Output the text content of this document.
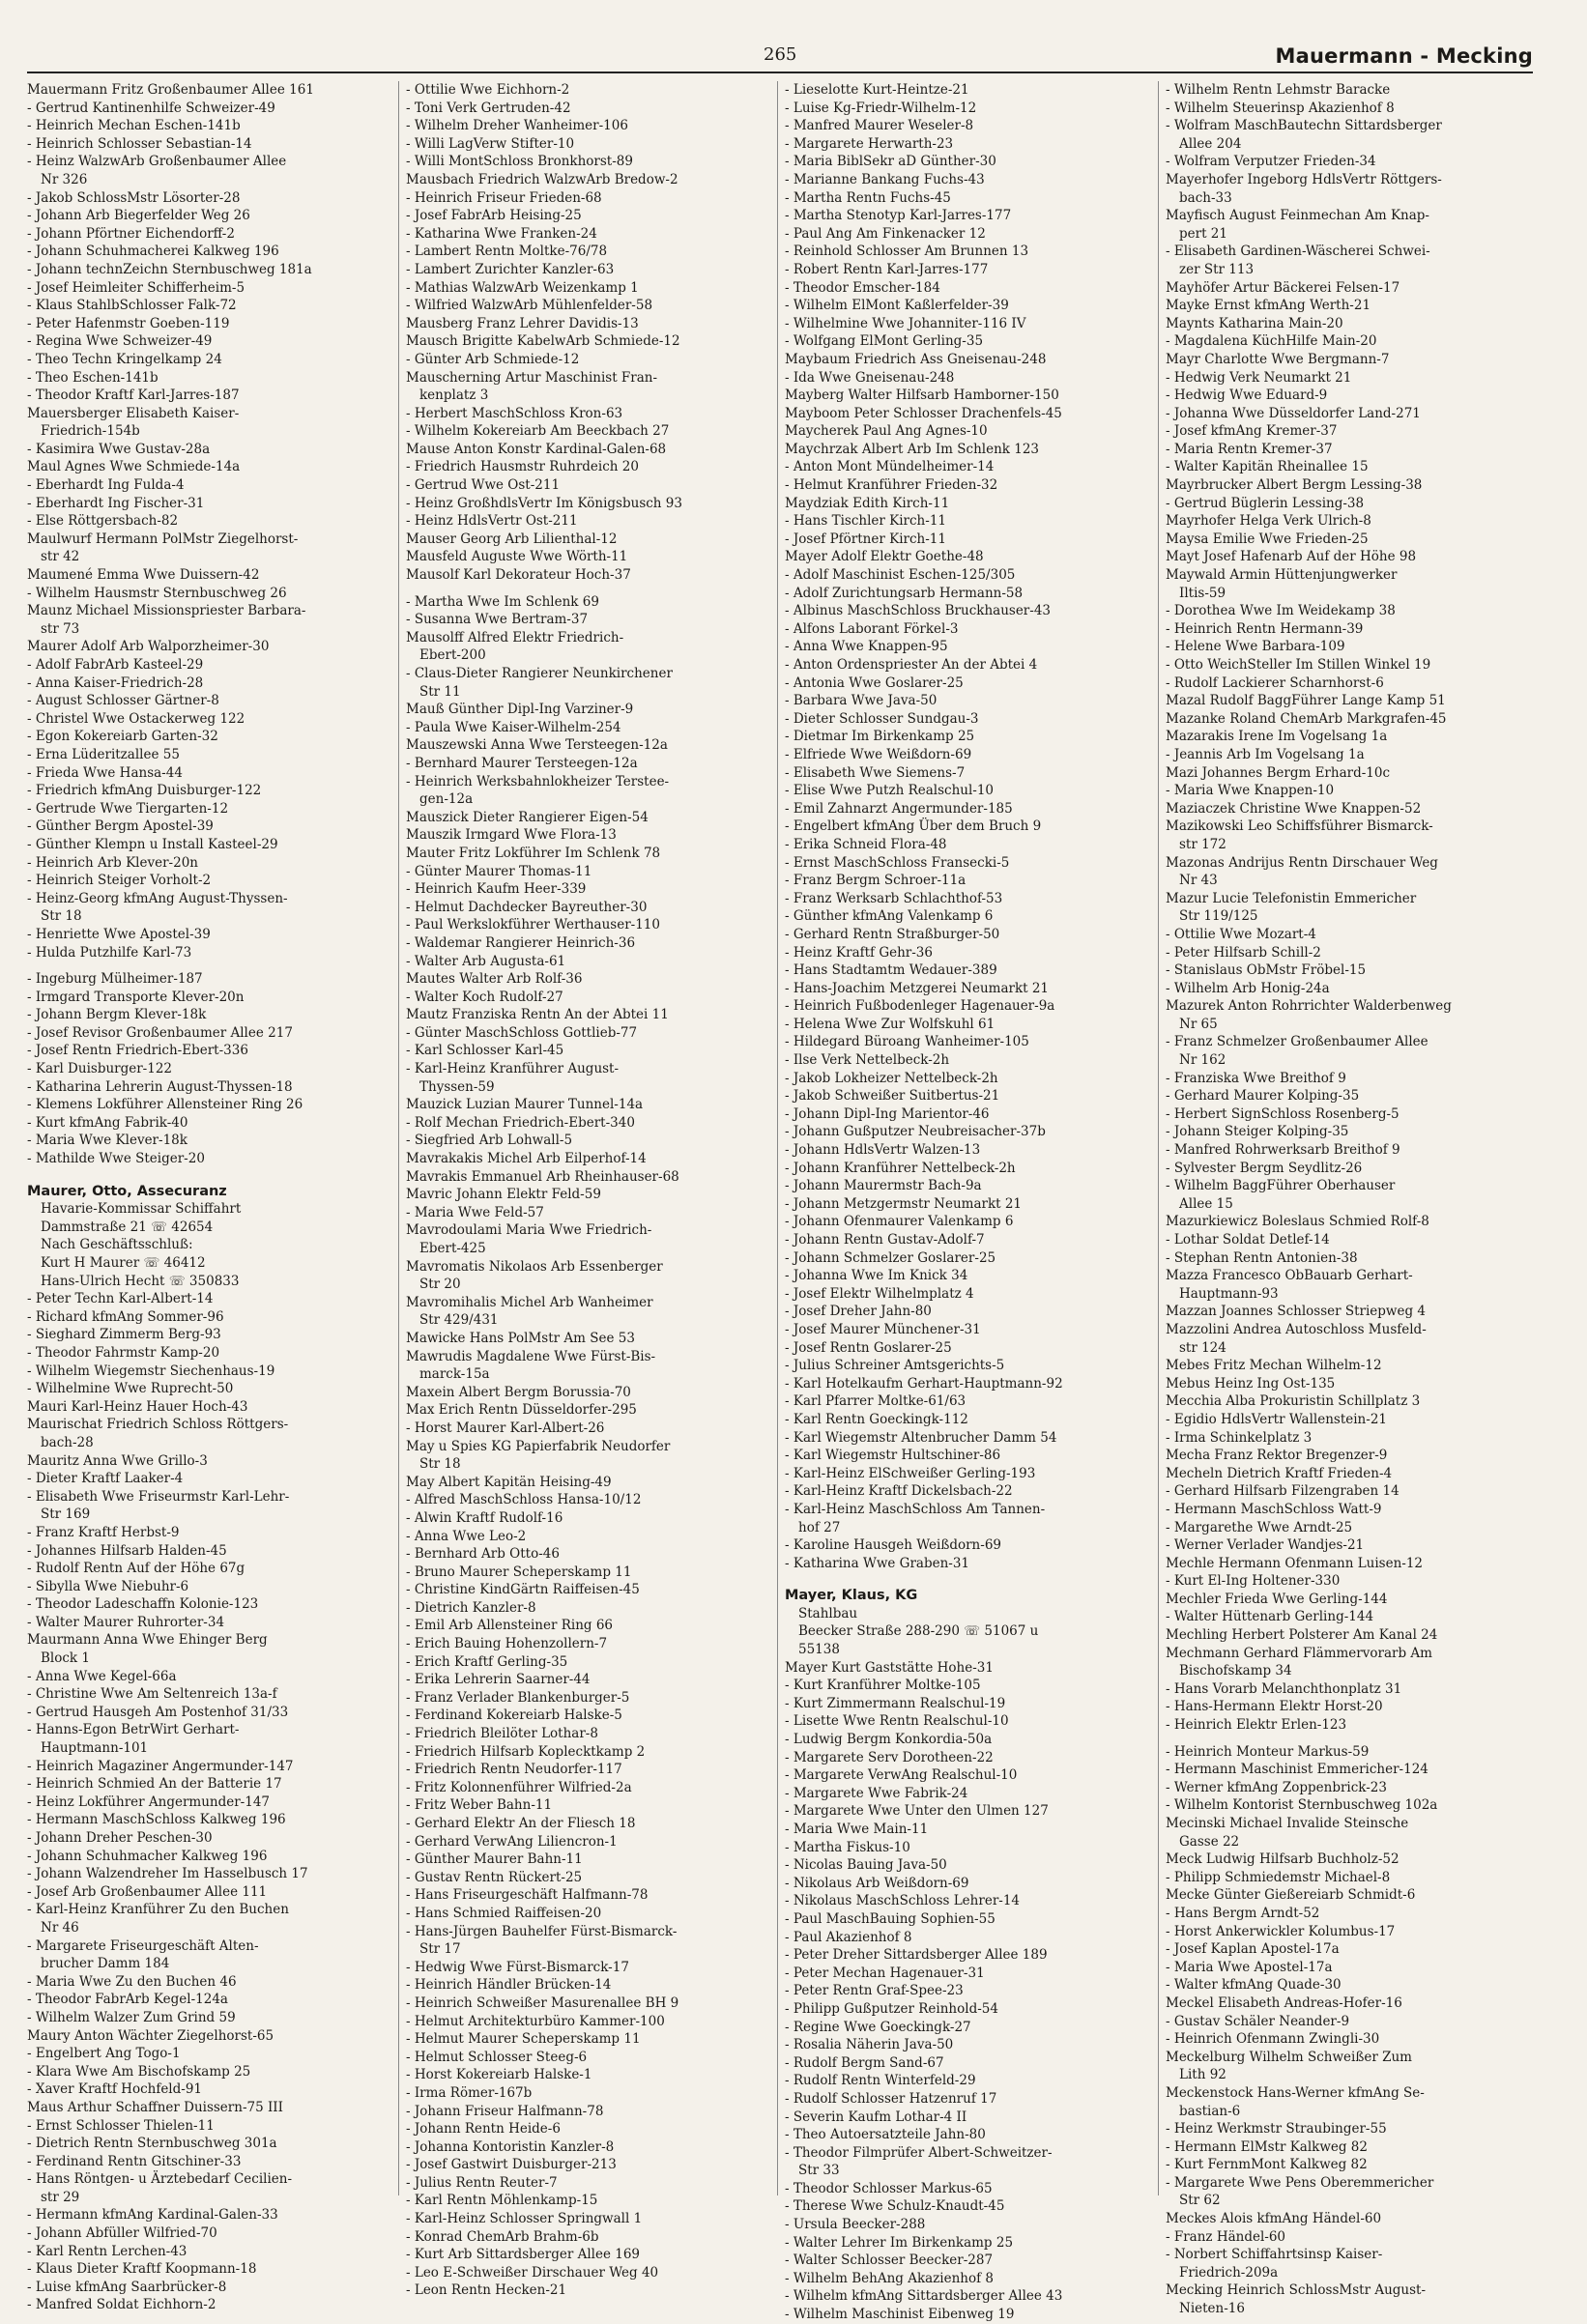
265	Mauermann - Mecking
Mauermann Fritz Großenbaumer Allee 161
- Gertrud Kantinenhilfe Schweizer-49
- Heinrich Mechan Eschen-141b
- Heinrich Schlosser Sebastian-14
- Heinz WalzwArb Großenbaumer Allee
Nr 326
- Jakob SchlossMstr Lösorter-28
- Johann Arb Biegerfelder Weg 26
- Johann Pförtner Eichendorff-2
- Johann Schuhmacherei Kalkweg 196
- Johann technZeichn Sternbuschweg 181a
- Josef Heimleiter Schifferheim-5
- Klaus StahlbSchlosser Falk-72
- Peter Hafenmstr Goeben-119
- Regina Wwe Schweizer-49
- Theo Techn Kringelkamp 24
- Theo Eschen-141b
- Theodor Kraftf Karl-Jarres-187
Mauersberger Elisabeth Kaiser-
Friedrich-154b
- Kasimira Wwe Gustav-28a
Maul Agnes Wwe Schmiede-14a
- Eberhardt Ing Fulda-4
- Eberhardt Ing Fischer-31
- Else Röttgersbach-82
Maulwurf Hermann PolMstr Ziegelhorst-
str 42
Maumené Emma Wwe Duissern-42
- Wilhelm Hausmstr Sternbuschweg 26
Maunz Michael Missionspriester Barbara-
str 73
Maurer Adolf Arb Walporzheimer-30
- Adolf FabrArb Kasteel-29
- Anna Kaiser-Friedrich-28
- August Schlosser Gärtner-8
- Christel Wwe Ostackerweg 122
- Egon Kokereiarb Garten-32
- Erna Lüderitzallee 55
- Frieda Wwe Hansa-44
- Friedrich kfmAng Duisburger-122
- Gertrude Wwe Tiergarten-12
- Günther Bergm Apostel-39
- Günther Klempn u Install Kasteel-29
- Heinrich Arb Klever-20n
- Heinrich Steiger Vorholt-2
- Heinz-Georg kfmAng August-Thyssen-
Str 18
- Henriette Wwe Apostel-39
- Hulda Putzhilfe Karl-73
- Ingeburg Mülheimer-187
- Irmgard Transporte Klever-20n
- Johann Bergm Klever-18k
- Josef Revisor Großenbaumer Allee 217
- Josef Rentn Friedrich-Ebert-336
- Karl Duisburger-122
- Katharina Lehrerin August-Thyssen-18
- Klemens Lokführer Allensteiner Ring 26
- Kurt kfmAng Fabrik-40
- Maria Wwe Klever-18k
- Mathilde Wwe Steiger-20
Maurer, Otto, Assecuranz
Havarie-Kommissar Schiffahrt
Dammstraße 21 ☏ 42654
Nach Geschäftsschluß:
Kurt H Maurer ☏ 46412
Hans-Ulrich Hecht ☏ 350833
- Peter Techn Karl-Albert-14
- Richard kfmAng Sommer-96
- Sieghard Zimmerm Berg-93
- Theodor Fahrmstr Kamp-20
- Wilhelm Wiegemstr Siechenhaus-19
- Wilhelmine Wwe Ruprecht-50
Mauri Karl-Heinz Hauer Hoch-43
Maurischat Friedrich Schloss Röttgers-
bach-28
Mauritz Anna Wwe Grillo-3
- Dieter Kraftf Laaker-4
- Elisabeth Wwe Friseurmstr Karl-Lehr-
Str 169
- Franz Kraftf Herbst-9
- Johannes Hilfsarb Halden-45
- Rudolf Rentn Auf der Höhe 67g
- Sibylla Wwe Niebuhr-6
- Theodor Ladeschaffn Kolonie-123
- Walter Maurer Ruhrorter-34
Maurmann Anna Wwe Ehinger Berg
Block 1
- Anna Wwe Kegel-66a
- Christine Wwe Am Seltenreich 13a-f
- Gertrud Hausgeh Am Postenhof 31/33
- Hanns-Egon BetrWirt Gerhart-
Hauptmann-101
- Heinrich Magaziner Angermunder-147
- Heinrich Schmied An der Batterie 17
- Heinz Lokführer Angermunder-147
- Hermann MaschSchloss Kalkweg 196
- Johann Dreher Peschen-30
- Johann Schuhmacher Kalkweg 196
- Johann Walzendreher Im Hasselbusch 17
- Josef Arb Großenbaumer Allee 111
- Karl-Heinz Kranführer Zu den Buchen
Nr 46
- Margarete Friseurgeschäft Alten-
brucher Damm 184
- Maria Wwe Zu den Buchen 46
- Theodor FabrArb Kegel-124a
- Wilhelm Walzer Zum Grind 59
Maury Anton Wächter Ziegelhorst-65
- Engelbert Ang Togo-1
- Klara Wwe Am Bischofskamp 25
- Xaver Kraftf Hochfeld-91
Maus Arthur Schaffner Duissern-75 III
- Ernst Schlosser Thielen-11
- Dietrich Rentn Sternbuschweg 301a
- Ferdinand Rentn Gitschiner-33
- Hans Röntgen- u Ärztebedarf Cecilien-
str 29
- Hermann kfmAng Kardinal-Galen-33
- Johann Abfüller Wilfried-70
- Karl Rentn Lerchen-43
- Klaus Dieter Kraftf Koopmann-18
- Luise kfmAng Saarbrücker-8
- Manfred Soldat Eichhorn-2
- Ottilie Wwe Eichhorn-2
- Toni Verk Gertruden-42
- Wilhelm Dreher Wanheimer-106
- Willi LagVerw Stifter-10
- Willi MontSchloss Bronkhorst-89
Mausbach Friedrich WalzwArb Bredow-2
- Heinrich Friseur Frieden-68
- Josef FabrArb Heising-25
- Katharina Wwe Franken-24
- Lambert Rentn Moltke-76/78
- Lambert Zurichter Kanzler-63
- Mathias WalzwArb Weizenkamp 1
- Wilfried WalzwArb Mühlenfelder-58
Mausberg Franz Lehrer Davidis-13
Mausch Brigitte KabelwArb Schmiede-12
- Günter Arb Schmiede-12
Mauscherning Artur Maschinist Fran-
kenplatz 3
- Herbert MaschSchloss Kron-63
- Wilhelm Kokereiarb Am Beeckbach 27
Mause Anton Konstr Kardinal-Galen-68
- Friedrich Hausmstr Ruhrdeich 20
- Gertrud Wwe Ost-211
- Heinz GroßhdlsVertr Im Königsbusch 93
- Heinz HdlsVertr Ost-211
Mauser Georg Arb Lilienthal-12
Mausfeld Auguste Wwe Wörth-11
Mausolf Karl Dekorateur Hoch-37
- Martha Wwe Im Schlenk 69
- Susanna Wwe Bertram-37
Mausolff Alfred Elektr Friedrich-
Ebert-200
- Claus-Dieter Rangierer Neunkirchener
Str 11
Mauß Günther Dipl-Ing Varziner-9
- Paula Wwe Kaiser-Wilhelm-254
Mauszewski Anna Wwe Tersteegen-12a
- Bernhard Maurer Tersteegen-12a
- Heinrich Werksbahnlokheizer Terstee-
gen-12a
Mauszick Dieter Rangierer Eigen-54
Mauszik Irmgard Wwe Flora-13
Mauter Fritz Lokführer Im Schlenk 78
- Günter Maurer Thomas-11
- Heinrich Kaufm Heer-339
- Helmut Dachdecker Bayreuther-30
- Paul Werkslokführer Werthauser-110
- Waldemar Rangierer Heinrich-36
- Walter Arb Augusta-61
Mautes Walter Arb Rolf-36
- Walter Koch Rudolf-27
Mautz Franziska Rentn An der Abtei 11
- Günter MaschSchloss Gottlieb-77
- Karl Schlosser Karl-45
- Karl-Heinz Kranführer August-
Thyssen-59
Mauzick Luzian Maurer Tunnel-14a
- Rolf Mechan Friedrich-Ebert-340
- Siegfried Arb Lohwall-5
Mavrakakis Michel Arb Eilperhof-14
Mavrakis Emmanuel Arb Rheinhauser-68
Mavric Johann Elektr Feld-59
- Maria Wwe Feld-57
Mavrodoulami Maria Wwe Friedrich-
Ebert-425
Mavromatis Nikolaos Arb Essenberger
Str 20
Mavromihalis Michel Arb Wanheimer
Str 429/431
Mawicke Hans PolMstr Am See 53
Mawrudis Magdalene Wwe Fürst-Bis-
marck-15a
Maxein Albert Bergm Borussia-70
Max Erich Rentn Düsseldorfer-295
- Horst Maurer Karl-Albert-26
May u Spies KG Papierfabrik Neudorfer
Str 18
May Albert Kapitän Heising-49
- Alfred MaschSchloss Hansa-10/12
- Alwin Kraftf Rudolf-16
- Anna Wwe Leo-2
- Bernhard Arb Otto-46
- Bruno Maurer Scheperskamp 11
- Christine KindGärtn Raiffeisen-45
- Dietrich Kanzler-8
- Emil Arb Allensteiner Ring 66
- Erich Bauing Hohenzollern-7
- Erich Kraftf Gerling-35
- Erika Lehrerin Saarner-44
- Franz Verlader Blankenburger-5
- Ferdinand Kokereiarb Halske-5
- Friedrich Bleilöter Lothar-8
- Friedrich Hilfsarb Koplecktkamp 2
- Friedrich Rentn Neudorfer-117
- Fritz Kolonnenführer Wilfried-2a
- Fritz Weber Bahn-11
- Gerhard Elektr An der Fliesch 18
- Gerhard VerwAng Liliencron-1
- Günther Maurer Bahn-11
- Gustav Rentn Rückert-25
- Hans Friseurgeschäft Halfmann-78
- Hans Schmied Raiffeisen-20
- Hans-Jürgen Bauhelfer Fürst-Bismarck-
Str 17
- Hedwig Wwe Fürst-Bismarck-17
- Heinrich Händler Brücken-14
- Heinrich Schweißer Masurenallee BH 9
- Helmut Architekturbüro Kammer-100
- Helmut Maurer Scheperskamp 11
- Helmut Schlosser Steeg-6
- Horst Kokereiarb Halske-1
- Irma Römer-167b
- Johann Friseur Halfmann-78
- Johann Rentn Heide-6
- Johanna Kontoristin Kanzler-8
- Josef Gastwirt Duisburger-213
- Julius Rentn Reuter-7
- Karl Rentn Möhlenkamp-15
- Karl-Heinz Schlosser Springwall 1
- Konrad ChemArb Brahm-6b
- Kurt Arb Sittardsberger Allee 169
- Leo E-Schweißer Dirschauer Weg 40
- Leon Rentn Hecken-21
- Lieselotte Kurt-Heintze-21
- Luise Kg-Friedr-Wilhelm-12
- Manfred Maurer Weseler-8
- Margarete Herwarth-23
- Maria BiblSekr aD Günther-30
- Marianne Bankang Fuchs-43
- Martha Rentn Fuchs-45
- Martha Stenotyp Karl-Jarres-177
- Paul Ang Am Finkenacker 12
- Reinhold Schlosser Am Brunnen 13
- Robert Rentn Karl-Jarres-177
- Theodor Emscher-184
- Wilhelm ElMont Kaßlerfelder-39
- Wilhelmine Wwe Johanniter-116 IV
- Wolfgang ElMont Gerling-35
Maybaum Friedrich Ass Gneisenau-248
- Ida Wwe Gneisenau-248
Mayberg Walter Hilfsarb Hamborner-150
Mayboom Peter Schlosser Drachenfels-45
Maycherek Paul Ang Agnes-10
Maychrzak Albert Arb Im Schlenk 123
- Anton Mont Mündelheimer-14
- Helmut Kranführer Frieden-32
Maydziak Edith Kirch-11
- Hans Tischler Kirch-11
- Josef Pförtner Kirch-11
Mayer Adolf Elektr Goethe-48
- Adolf Maschinist Eschen-125/305
- Adolf Zurichtungsarb Hermann-58
- Albinus MaschSchloss Bruckhauser-43
- Alfons Laborant Förkel-3
- Anna Wwe Knappen-95
- Anton Ordenspriester An der Abtei 4
- Antonia Wwe Goslarer-25
- Barbara Wwe Java-50
- Dieter Schlosser Sundgau-3
- Dietmar Im Birkenkamp 25
- Elfriede Wwe Weißdorn-69
- Elisabeth Wwe Siemens-7
- Elise Wwe Putzh Realschul-10
- Emil Zahnarzt Angermunder-185
- Engelbert kfmAng Über dem Bruch 9
- Erika Schneid Flora-48
- Ernst MaschSchloss Fransecki-5
- Franz Bergm Schroer-11a
- Franz Werksarb Schlachthof-53
- Günther kfmAng Valenkamp 6
- Gerhard Rentn Straßburger-50
- Heinz Kraftf Gehr-36
- Hans Stadtamtm Wedauer-389
- Hans-Joachim Metzgerei Neumarkt 21
- Heinrich Fußbodenleger Hagenauer-9a
- Helena Wwe Zur Wolfskuhl 61
- Hildegard Büroang Wanheimer-105
- Ilse Verk Nettelbeck-2h
- Jakob Lokheizer Nettelbeck-2h
- Jakob Schweißer Suitbertus-21
- Johann Dipl-Ing Marientor-46
- Johann Gußputzer Neubreisacher-37b
- Johann HdlsVertr Walzen-13
- Johann Kranführer Nettelbeck-2h
- Johann Maurermstr Bach-9a
- Johann Metzgermstr Neumarkt 21
- Johann Ofenmaurer Valenkamp 6
- Johann Rentn Gustav-Adolf-7
- Johann Schmelzer Goslarer-25
- Johanna Wwe Im Knick 34
- Josef Elektr Wilhelmplatz 4
- Josef Dreher Jahn-80
- Josef Maurer Münchener-31
- Josef Rentn Goslarer-25
- Julius Schreiner Amtsgerichts-5
- Karl Hotelkaufm Gerhart-Hauptmann-92
- Karl Pfarrer Moltke-61/63
- Karl Rentn Goeckingk-112
- Karl Wiegemstr Altenbrucher Damm 54
- Karl Wiegemstr Hultschiner-86
- Karl-Heinz ElSchweißer Gerling-193
- Karl-Heinz Kraftf Dickelsbach-22
- Karl-Heinz MaschSchloss Am Tannen-
hof 27
- Karoline Hausgeh Weißdorn-69
- Katharina Wwe Graben-31
Mayer, Klaus, KG
Stahlbau
Beecker Straße 288-290 ☏ 51067 u
55138
Mayer Kurt Gaststätte Hohe-31
- Kurt Kranführer Moltke-105
- Kurt Zimmermann Realschul-19
- Lisette Wwe Rentn Realschul-10
- Ludwig Bergm Konkordia-50a
- Margarete Serv Dorotheen-22
- Margarete VerwAng Realschul-10
- Margarete Wwe Fabrik-24
- Margarete Wwe Unter den Ulmen 127
- Maria Wwe Main-11
- Martha Fiskus-10
- Nicolas Bauing Java-50
- Nikolaus Arb Weißdorn-69
- Nikolaus MaschSchloss Lehrer-14
- Paul MaschBauing Sophien-55
- Paul Akazienhof 8
- Peter Dreher Sittardsberger Allee 189
- Peter Mechan Hagenauer-31
- Peter Rentn Graf-Spee-23
- Philipp Gußputzer Reinhold-54
- Regine Wwe Goeckingk-27
- Rosalia Näherin Java-50
- Rudolf Bergm Sand-67
- Rudolf Rentn Winterfeld-29
- Rudolf Schlosser Hatzenruf 17
- Severin Kaufm Lothar-4 II
- Theo Autoersatzteile Jahn-80
- Theodor Filmprüfer Albert-Schweitzer-
Str 33
- Theodor Schlosser Markus-65
- Therese Wwe Schulz-Knaudt-45
- Ursula Beecker-288
- Walter Lehrer Im Birkenkamp 25
- Walter Schlosser Beecker-287
- Wilhelm BehAng Akazienhof 8
- Wilhelm kfmAng Sittardsberger Allee 43
- Wilhelm Maschinist Eibenweg 19
- Wilhelm Rentn Lehmstr Baracke
- Wilhelm Steuerinsp Akazienhof 8
- Wolfram MaschBautechn Sittardsberger
Allee 204
- Wolfram Verputzer Frieden-34
Mayerhofer Ingeborg HdlsVertr Röttgers-
bach-33
Mayfisch August Feinmechan Am Knap-
pert 21
- Elisabeth Gardinen-Wäscherei Schwei-
zer Str 113
Mayhöfer Artur Bäckerei Felsen-17
Mayke Ernst kfmAng Werth-21
Maynts Katharina Main-20
- Magdalena KüchHilfe Main-20
Mayr Charlotte Wwe Bergmann-7
- Hedwig Verk Neumarkt 21
- Hedwig Wwe Eduard-9
- Johanna Wwe Düsseldorfer Land-271
- Josef kfmAng Kremer-37
- Maria Rentn Kremer-37
- Walter Kapitän Rheinallee 15
Mayrbrucker Albert Bergm Lessing-38
- Gertrud Büglerin Lessing-38
Mayrhofer Helga Verk Ulrich-8
Maysa Emilie Wwe Frieden-25
Mayt Josef Hafenarb Auf der Höhe 98
Maywald Armin Hüttenjungwerker
Iltis-59
- Dorothea Wwe Im Weidekamp 38
- Heinrich Rentn Hermann-39
- Helene Wwe Barbara-109
- Otto WeichSteller Im Stillen Winkel 19
- Rudolf Lackierer Scharnhorst-6
Mazal Rudolf BaggFührer Lange Kamp 51
Mazanke Roland ChemArb Markgrafen-45
Mazarakis Irene Im Vogelsang 1a
- Jeannis Arb Im Vogelsang 1a
Mazi Johannes Bergm Erhard-10c
- Maria Wwe Knappen-10
Maziaczek Christine Wwe Knappen-52
Mazikowski Leo Schiffsführer Bismarck-
str 172
Mazonas Andrijus Rentn Dirschauer Weg
Nr 43
Mazur Lucie Telefonistin Emmericher
Str 119/125
- Ottilie Wwe Mozart-4
- Peter Hilfsarb Schill-2
- Stanislaus ObMstr Fröbel-15
- Wilhelm Arb Honig-24a
Mazurek Anton Rohrrichter Walderbenweg
Nr 65
- Franz Schmelzer Großenbaumer Allee
Nr 162
- Franziska Wwe Breithof 9
- Gerhard Maurer Kolping-35
- Herbert SignSchloss Rosenberg-5
- Johann Steiger Kolping-35
- Manfred Rohrwerksarb Breithof 9
- Sylvester Bergm Seydlitz-26
- Wilhelm BaggFührer Oberhauser
Allee 15
Mazurkiewicz Boleslaus Schmied Rolf-8
- Lothar Soldat Detlef-14
- Stephan Rentn Antonien-38
Mazza Francesco ObBauarb Gerhart-
Hauptmann-93
Mazzan Joannes Schlosser Striepweg 4
Mazzolini Andrea Autoschloss Musfeld-
str 124
Mebes Fritz Mechan Wilhelm-12
Mebus Heinz Ing Ost-135
Mecchia Alba Prokuristin Schillplatz 3
- Egidio HdlsVertr Wallenstein-21
- Irma Schinkelplatz 3
Mecha Franz Rektor Bregenzer-9
Mecheln Dietrich Kraftf Frieden-4
- Gerhard Hilfsarb Filzengraben 14
- Hermann MaschSchloss Watt-9
- Margarethe Wwe Arndt-25
- Werner Verlader Wandjes-21
Mechle Hermann Ofenmann Luisen-12
- Kurt El-Ing Holtener-330
Mechler Frieda Wwe Gerling-144
- Walter Hüttenarb Gerling-144
Mechling Herbert Polsterer Am Kanal 24
Mechmann Gerhard Flämmervorarb Am
Bischofskamp 34
- Hans Vorarb Melanchthonplatz 31
- Hans-Hermann Elektr Horst-20
- Heinrich Elektr Erlen-123
- Heinrich Monteur Markus-59
- Hermann Maschinist Emmericher-124
- Werner kfmAng Zoppenbrick-23
- Wilhelm Kontorist Sternbuschweg 102a
Mecinski Michael Invalide Steinsche
Gasse 22
Meck Ludwig Hilfsarb Buchholz-52
- Philipp Schmiedemstr Michael-8
Mecke Günter Gießereiarb Schmidt-6
- Hans Bergm Arndt-52
- Horst Ankerwickler Kolumbus-17
- Josef Kaplan Apostel-17a
- Maria Wwe Apostel-17a
- Walter kfmAng Quade-30
Meckel Elisabeth Andreas-Hofer-16
- Gustav Schäler Neander-9
- Heinrich Ofenmann Zwingli-30
Meckelburg Wilhelm Schweißer Zum
Lith 92
Meckenstock Hans-Werner kfmAng Se-
bastian-6
- Heinz Werkmstr Straubinger-55
- Hermann ElMstr Kalkweg 82
- Kurt FernmMont Kalkweg 82
- Margarete Wwe Pens Oberemmericher
Str 62
Meckes Alois kfmAng Händel-60
- Franz Händel-60
- Norbert Schiffahrtsinsp Kaiser-
Friedrich-209a
Mecking Heinrich SchlossMstr August-
Nieten-16
